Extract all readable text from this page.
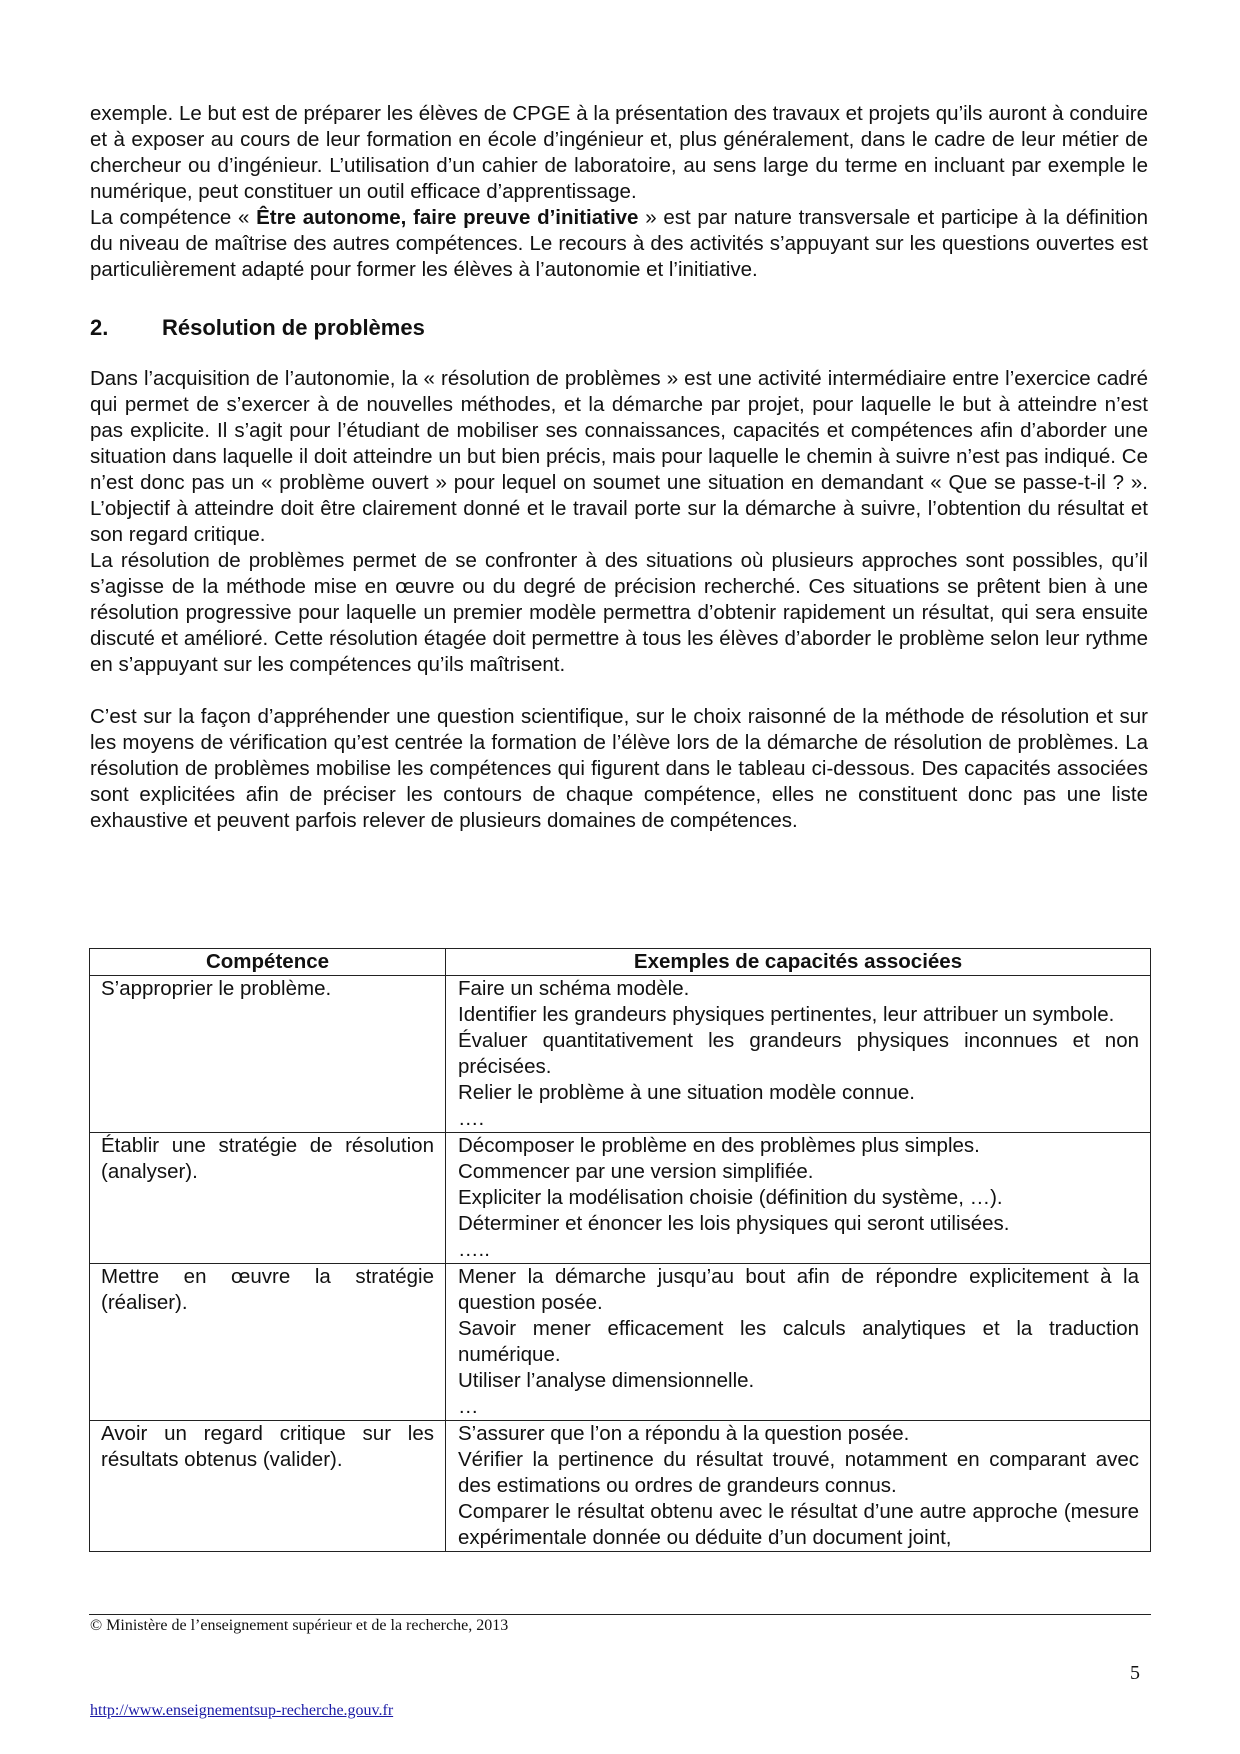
exemple. Le but est de préparer les élèves de CPGE à la présentation des travaux et projets qu’ils auront à conduire et à exposer au cours de leur formation en école d’ingénieur et, plus généralement, dans le cadre de leur métier de chercheur ou d’ingénieur. L’utilisation d’un cahier de laboratoire, au sens large du terme en incluant par exemple le numérique, peut constituer un outil efficace d’apprentissage.

La compétence « Être autonome, faire preuve d’initiative » est par nature transversale et participe à la définition du niveau de maîtrise des autres compétences. Le recours à des activités s’appuyant sur les questions ouvertes est particulièrement adapté pour former les élèves à l’autonomie et l’initiative.

2. Résolution de problèmes

Dans l’acquisition de l’autonomie, la « résolution de problèmes » est une activité intermédiaire entre l’exercice cadré qui permet de s’exercer à de nouvelles méthodes, et la démarche par projet, pour laquelle le but à atteindre n’est pas explicite. Il s’agit pour l’étudiant de mobiliser ses connaissances, capacités et compétences afin d’aborder une situation dans laquelle il doit atteindre un but bien précis, mais pour laquelle le chemin à suivre n’est pas indiqué. Ce n’est donc pas un « problème ouvert » pour lequel on soumet une situation en demandant « Que se passe-t-il ? ». L’objectif à atteindre doit être clairement donné et le travail porte sur la démarche à suivre, l’obtention du résultat et son regard critique.

La résolution de problèmes permet de se confronter à des situations où plusieurs approches sont possibles, qu’il s’agisse de la méthode mise en œuvre ou du degré de précision recherché. Ces situations se prêtent bien à une résolution progressive pour laquelle un premier modèle permettra d’obtenir rapidement un résultat, qui sera ensuite discuté et amélioré. Cette résolution étagée doit permettre à tous les élèves d’aborder le problème selon leur rythme en s’appuyant sur les compétences qu’ils maîtrisent.

C’est sur la façon d’appréhender une question scientifique, sur le choix raisonné de la méthode de résolution et sur les moyens de vérification qu’est centrée la formation de l’élève lors de la démarche de résolution de problèmes. La résolution de problèmes mobilise les compétences qui figurent dans le tableau ci-dessous. Des capacités associées sont explicitées afin de préciser les contours de chaque compétence, elles ne constituent donc pas une liste exhaustive et peuvent parfois relever de plusieurs domaines de compétences.

Compétence	Exemples de capacités associées
S’approprier le problème.	Faire un schéma modèle.
Identifier les grandeurs physiques pertinentes, leur attribuer un symbole.
Évaluer quantitativement les grandeurs physiques inconnues et non précisées.
Relier le problème à une situation modèle connue.
….

Établir une stratégie de résolution (analyser).	Décomposer le problème en des problèmes plus simples.
Commencer par une version simplifiée.
Expliciter la modélisation choisie (définition du système, …).
Déterminer et énoncer les lois physiques qui seront utilisées.
…..

Mettre en œuvre la stratégie (réaliser).	Mener la démarche jusqu’au bout afin de répondre explicitement à la question posée.
Savoir mener efficacement les calculs analytiques et la traduction numérique.
Utiliser l’analyse dimensionnelle.
…

Avoir un regard critique sur les résultats obtenus (valider).	S’assurer que l’on a répondu à la question posée.
Vérifier la pertinence du résultat trouvé, notamment en comparant avec des estimations ou ordres de grandeurs connus.
Comparer le résultat obtenu avec le résultat d’une autre approche (mesure expérimentale donnée ou déduite d’un document joint,

© Ministère de l’enseignement supérieur et de la recherche, 2013

5

http://www.enseignementsup-recherche.gouv.fr
